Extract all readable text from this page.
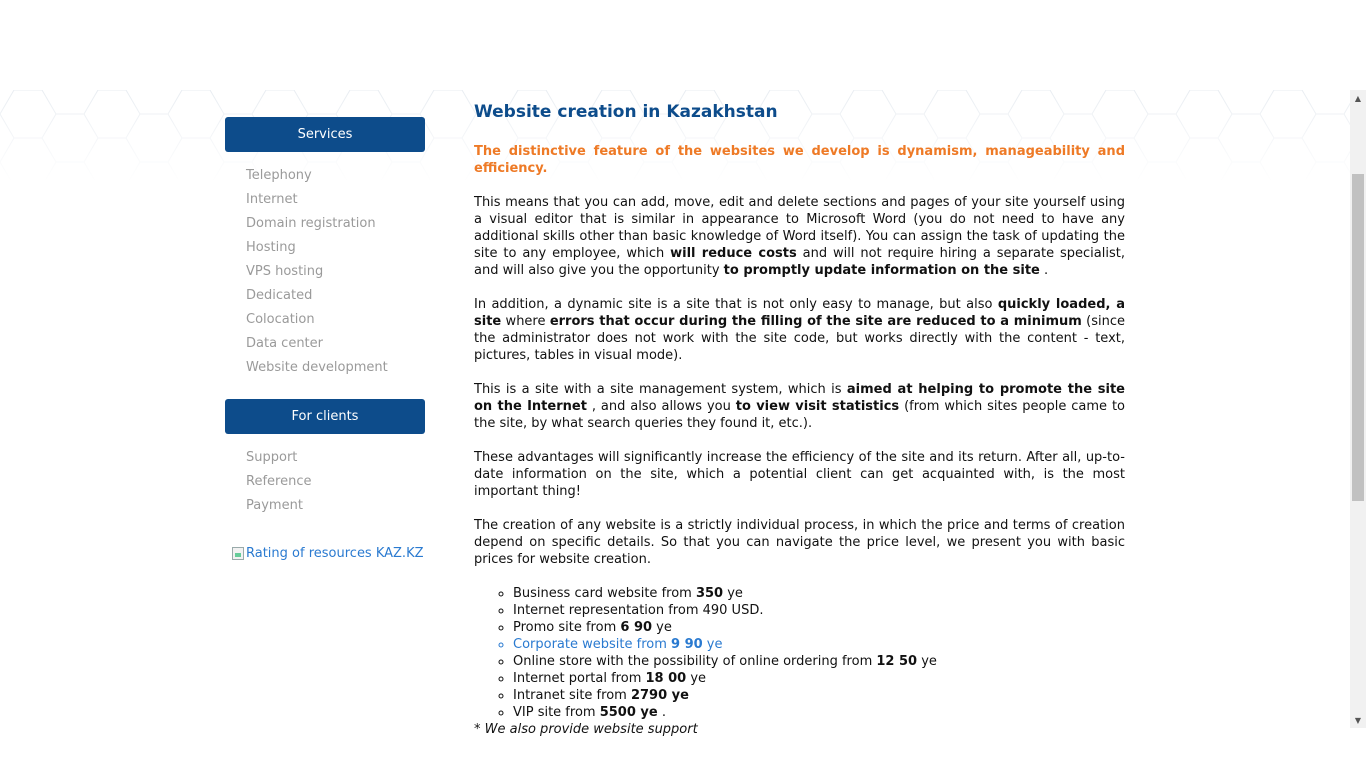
Services
Telephony
Internet
Domain registration
Hosting
VPS hosting
Dedicated
Colocation
Data center
Website development
For clients
Support
Reference
Payment
Rating of resources KAZ.KZ
Website creation in Kazakhstan

The distinctive feature of the websites we develop is dynamism, manageability and efficiency.

This means that you can add, move, edit and delete sections and pages of your site yourself using a visual editor that is similar in appearance to Microsoft Word (you do not need to have any additional skills other than basic knowledge of Word itself). You can assign the task of updating the site to any employee, which will reduce costs and will not require hiring a separate specialist, and will also give you the opportunity to promptly update information on the site .

In addition, a dynamic site is a site that is not only easy to manage, but also quickly loaded, a site where errors that occur during the filling of the site are reduced to a minimum (since the administrator does not work with the site code, but works directly with the content - text, pictures, tables in visual mode).

This is a site with a site management system, which is aimed at helping to promote the site on the Internet , and also allows you to view visit statistics (from which sites people came to the site, by what search queries they found it, etc.).

These advantages will significantly increase the efficiency of the site and its return. After all, up-to-date information on the site, which a potential client can get acquainted with, is the most important thing!

The creation of any website is a strictly individual process, in which the price and terms of creation depend on specific details. So that you can navigate the price level, we present you with basic prices for website creation.

◦ Business card website from 350 ye
◦ Internet representation from 490 USD.
◦ Promo site from 6 90 ye
◦ Corporate website from 9 90 ye
◦ Online store with the possibility of online ordering from 12 50 ye
◦ Internet portal from 18 00 ye
◦ Intranet site from 2790 ye
◦ VIP site from 5500 ye .

* We also provide website support

▲
▼
